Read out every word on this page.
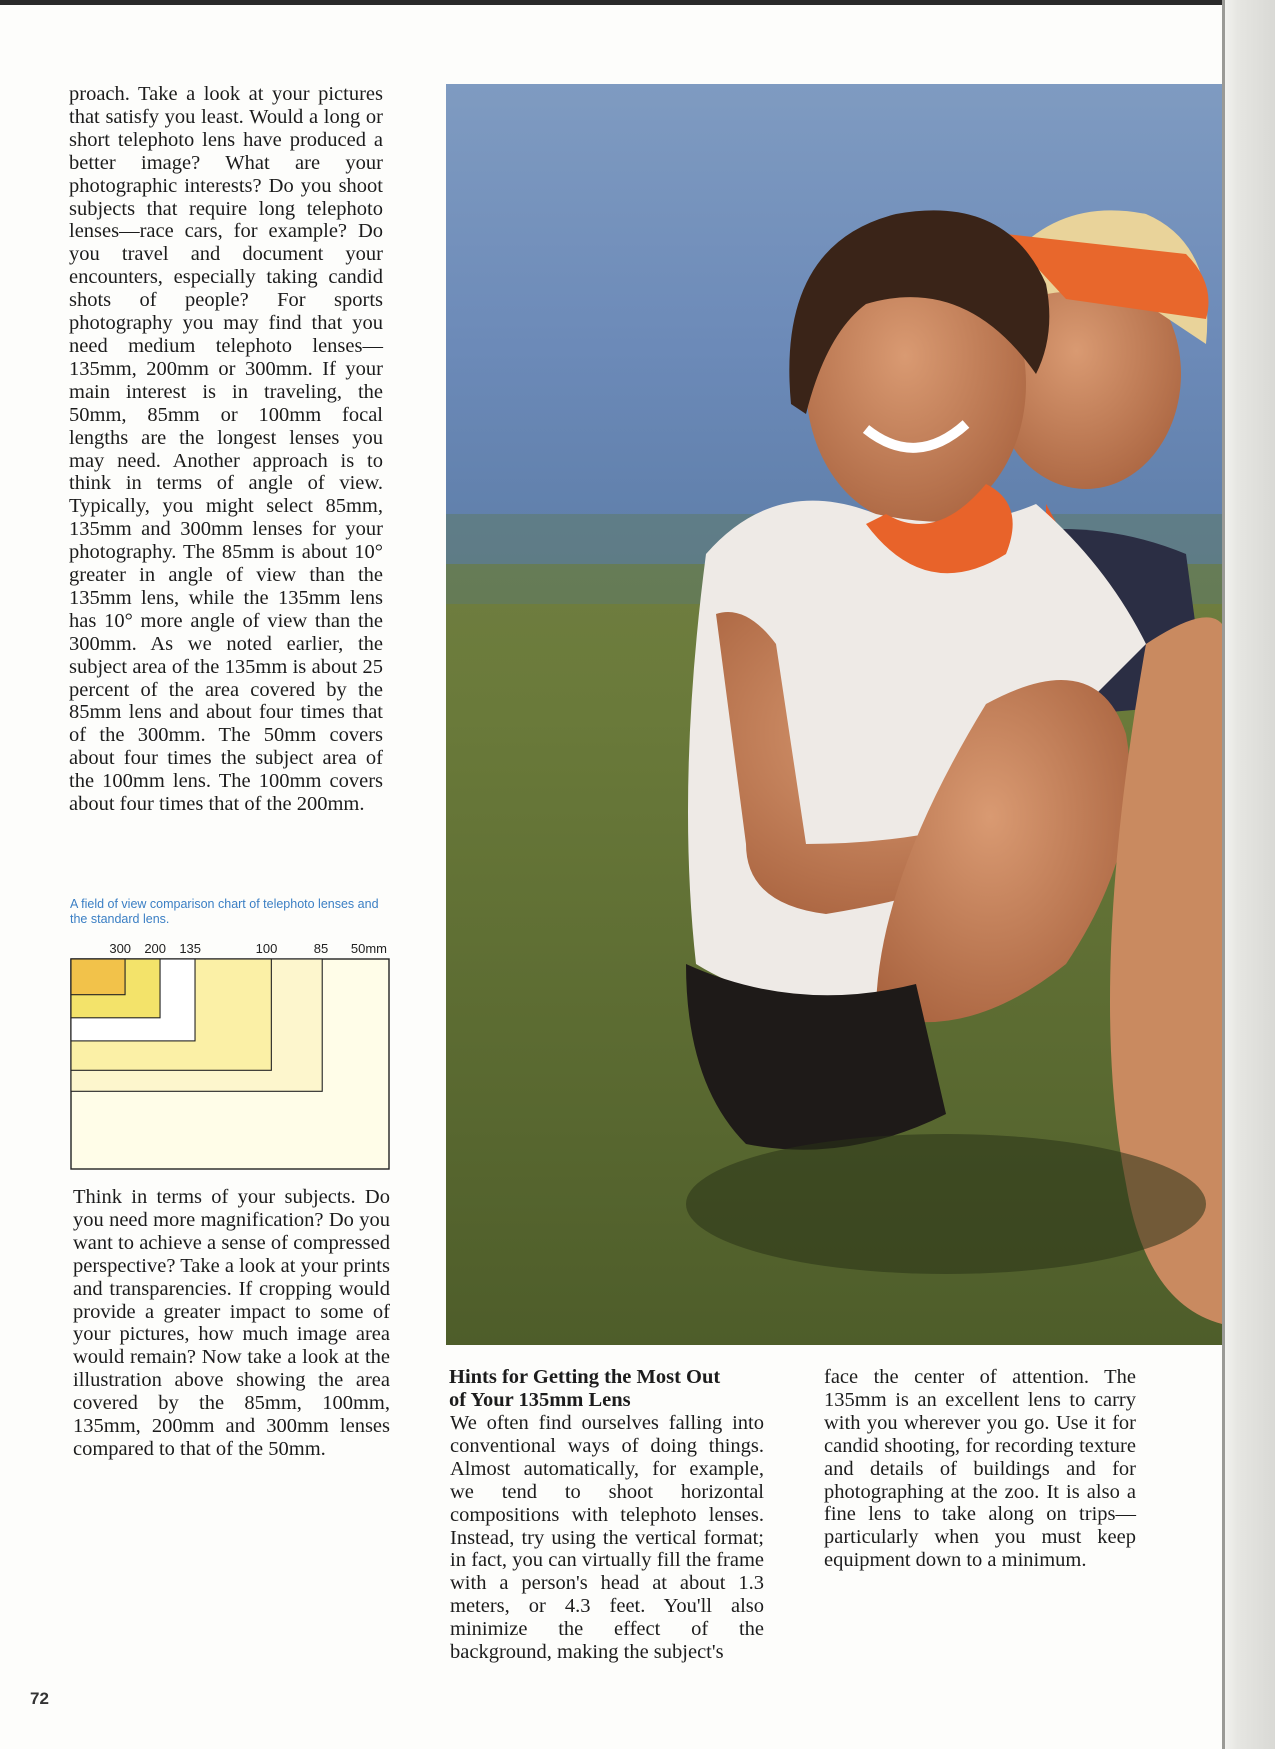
proach. Take a look at your pictures that satisfy you least. Would a long or short telephoto lens have produced a better image? What are your photographic interests? Do you shoot subjects that require long telephoto lenses—race cars, for example? Do you travel and document your encounters, especially taking candid shots of people? For sports photography you may find that you need medium telephoto lenses—135mm, 200mm or 300mm. If your main interest is in traveling, the 50mm, 85mm or 100mm focal lengths are the longest lenses you may need. Another approach is to think in terms of angle of view. Typically, you might select 85mm, 135mm and 300mm lenses for your photography. The 85mm is about 10° greater in angle of view than the 135mm lens, while the 135mm lens has 10° more angle of view than the 300mm. As we noted earlier, the subject area of the 135mm is about 25 percent of the area covered by the 85mm lens and about four times that of the 300mm. The 50mm covers about four times the subject area of the 100mm lens. The 100mm covers about four times that of the 200mm.

A field of view comparison chart of telephoto lenses and the standard lens.
300 200 135	100	85 50mm

Think in terms of your subjects. Do you need more magnification? Do you want to achieve a sense of compressed perspective? Take a look at your prints and transparencies. If cropping would provide a greater impact to some of your pictures, how much image area would remain? Now take a look at the illustration above showing the area covered by the 85mm, 100mm, 135mm, 200mm and 300mm lenses compared to that of the 50mm.

Hints for Getting the Most Out
of Your 135mm Lens

We often find ourselves falling into conventional ways of doing things. Almost automatically, for example, we tend to shoot horizontal compositions with telephoto lenses. Instead, try using the vertical format; in fact, you can virtually fill the frame with a person's head at about 1.3 meters, or 4.3 feet. You'll also minimize the effect of the background, making the subject's

face the center of attention. The 135mm is an excellent lens to carry with you wherever you go. Use it for candid shooting, for recording texture and details of buildings and for photographing at the zoo. It is also a fine lens to take along on trips—particularly when you must keep equipment down to a minimum.

72
